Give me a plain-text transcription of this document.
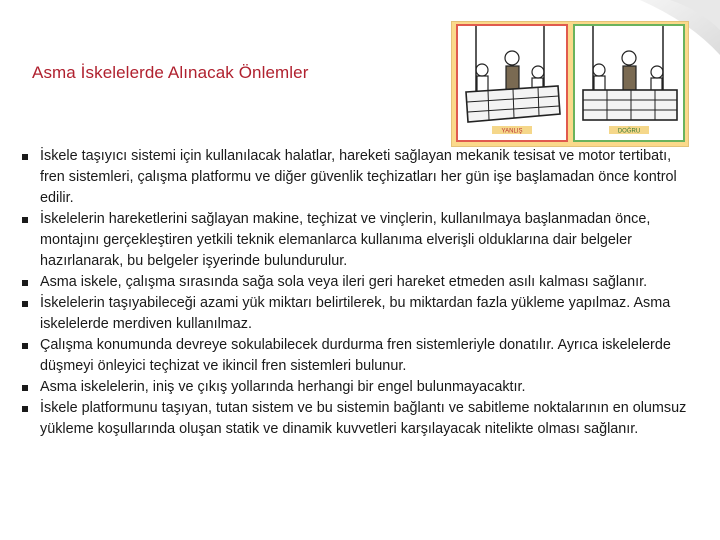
Asma İskelelerde Alınacak Önlemler
YANLIŞ	DOĞRU
İskele taşıyıcı sistemi için kullanılacak halatlar, hareketi sağlayan mekanik tesisat ve motor tertibatı, fren sistemleri, çalışma platformu ve diğer güvenlik teçhizatları her gün işe başlamadan önce kontrol edilir.
İskelelerin hareketlerini sağlayan makine, teçhizat ve vinçlerin, kullanılmaya başlanmadan önce, montajını gerçekleştiren yetkili teknik elemanlarca kullanıma elverişli olduklarına dair belgeler hazırlanarak, bu belgeler işyerinde bulundurulur.
Asma iskele, çalışma sırasında sağa sola veya ileri geri hareket etmeden asılı kalması sağlanır.
İskelelerin taşıyabileceği azami yük miktarı belirtilerek, bu miktardan fazla yükleme yapılmaz. Asma iskelelerde merdiven kullanılmaz.
Çalışma konumunda devreye sokulabilecek durdurma fren sistemleriyle donatılır. Ayrıca iskelelerde düşmeyi önleyici teçhizat ve ikincil fren sistemleri bulunur.
Asma iskelelerin, iniş ve çıkış yollarında herhangi bir engel bulunmayacaktır.
İskele platformunu taşıyan, tutan sistem ve bu sistemin bağlantı ve sabitleme noktalarının en olumsuz yükleme koşullarında oluşan statik ve dinamik kuvvetleri karşılayacak nitelikte olması sağlanır.
